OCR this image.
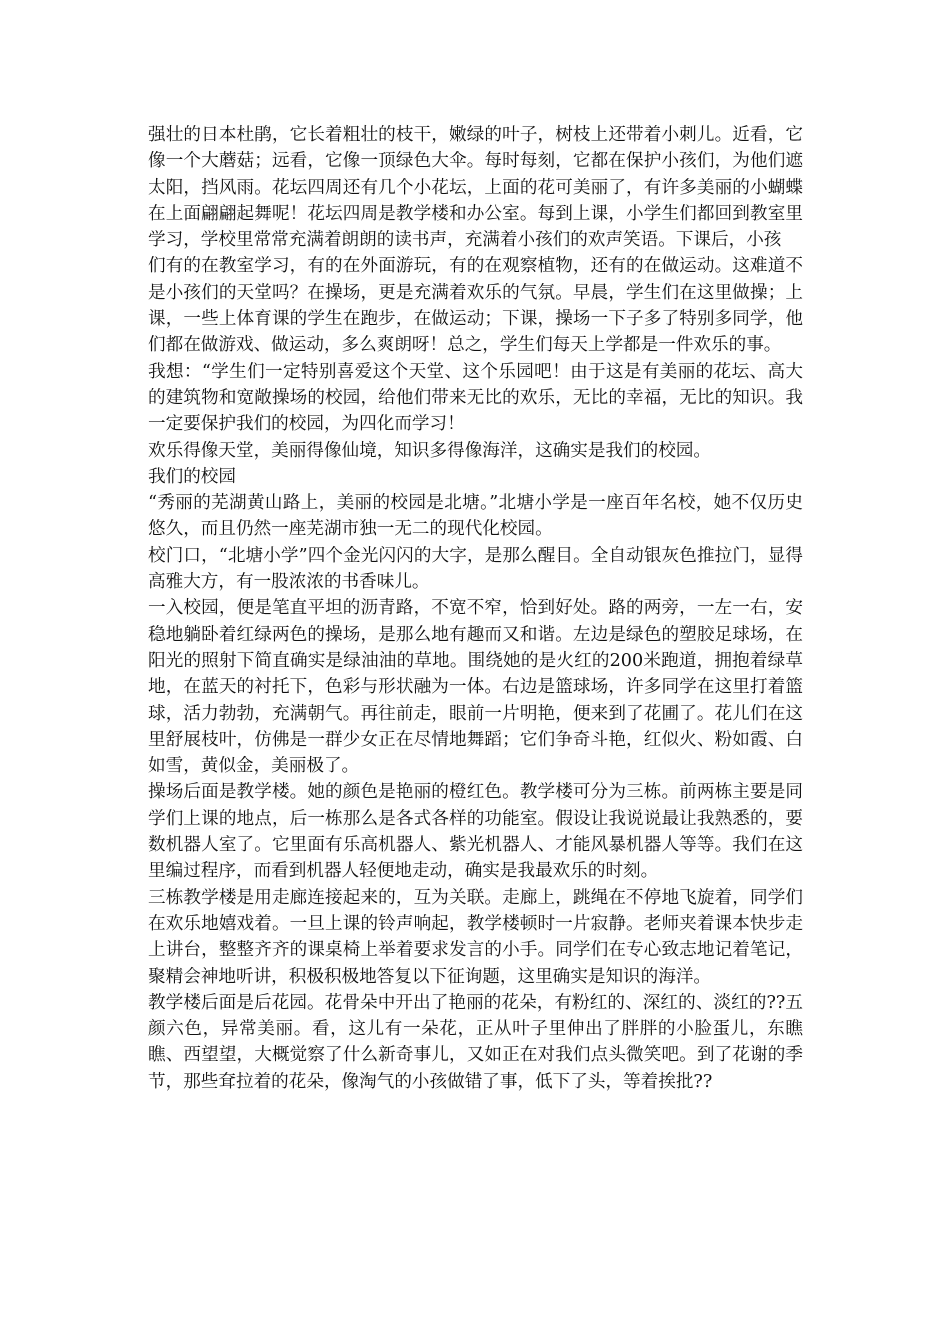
强壮的日本杜鹃，它长着粗壮的枝干，嫩绿的叶子，树枝上还带着小刺儿。近看，它像一个大蘑菇；远看，它像一顶绿色大伞。每时每刻，它都在保护小孩们，为他们遮太阳，挡风雨。花坛四周还有几个小花坛，上面的花可美丽了，有许多美丽的小蝴蝶在上面翩翩起舞呢！花坛四周是教学楼和办公室。每到上课，小学生们都回到教室里学习，学校里常常充满着朗朗的读书声，充满着小孩们的欢声笑语。下课后，小孩

们有的在教室学习，有的在外面游玩，有的在观察植物，还有的在做运动。这难道不是小孩们的天堂吗？在操场，更是充满着欢乐的气氛。早晨，学生们在这里做操；上课，一些上体育课的学生在跑步，在做运动；下课，操场一下子多了特别多同学，他们都在做游戏、做运动，多么爽朗呀！总之，学生们每天上学都是一件欢乐的事。

我想：“学生们一定特别喜爱这个天堂、这个乐园吧！由于这是有美丽的花坛、高大的建筑物和宽敞操场的校园，给他们带来无比的欢乐，无比的幸福，无比的知识。我一定要保护我们的校园，为四化而学习！

欢乐得像天堂，美丽得像仙境，知识多得像海洋，这确实是我们的校园。

我们的校园

“秀丽的芜湖黄山路上，美丽的校园是北塘。”北塘小学是一座百年名校，她不仅历史悠久，而且仍然一座芜湖市独一无二的现代化校园。

校门口，“北塘小学”四个金光闪闪的大字，是那么醒目。全自动银灰色推拉门，显得高雅大方，有一股浓浓的书香味儿。

一入校园，便是笔直平坦的沥青路，不宽不窄，恰到好处。路的两旁，一左一右，安稳地躺卧着红绿两色的操场，是那么地有趣而又和谐。左边是绿色的塑胶足球场，在阳光的照射下简直确实是绿油油的草地。围绕她的是火红的200米跑道，拥抱着绿草地，在蓝天的衬托下，色彩与形状融为一体。右边是篮球场，许多同学在这里打着篮球，活力勃勃，充满朝气。再往前走，眼前一片明艳，便来到了花圃了。花儿们在这里舒展枝叶，仿佛是一群少女正在尽情地舞蹈；它们争奇斗艳，红似火、粉如霞、白如雪，黄似金，美丽极了。

操场后面是教学楼。她的颜色是艳丽的橙红色。教学楼可分为三栋。前两栋主要是同学们上课的地点，后一栋那么是各式各样的功能室。假设让我说说最让我熟悉的，要数机器人室了。它里面有乐高机器人、紫光机器人、才能风暴机器人等等。我们在这里编过程序，而看到机器人轻便地走动，确实是我最欢乐的时刻。

三栋教学楼是用走廊连接起来的，互为关联。走廊上，跳绳在不停地飞旋着，同学们在欢乐地嬉戏着。一旦上课的铃声响起，教学楼顿时一片寂静。老师夹着课本快步走上讲台，整整齐齐的课桌椅上举着要求发言的小手。同学们在专心致志地记着笔记，聚精会神地听讲，积极积极地答复以下征询题，这里确实是知识的海洋。

教学楼后面是后花园。花骨朵中开出了艳丽的花朵，有粉红的、深红的、淡红的??五颜六色，异常美丽。看，这儿有一朵花，正从叶子里伸出了胖胖的小脸蛋儿，东瞧瞧、西望望，大概觉察了什么新奇事儿，又如正在对我们点头微笑吧。到了花谢的季节，那些耷拉着的花朵，像淘气的小孩做错了事，低下了头，等着挨批??
